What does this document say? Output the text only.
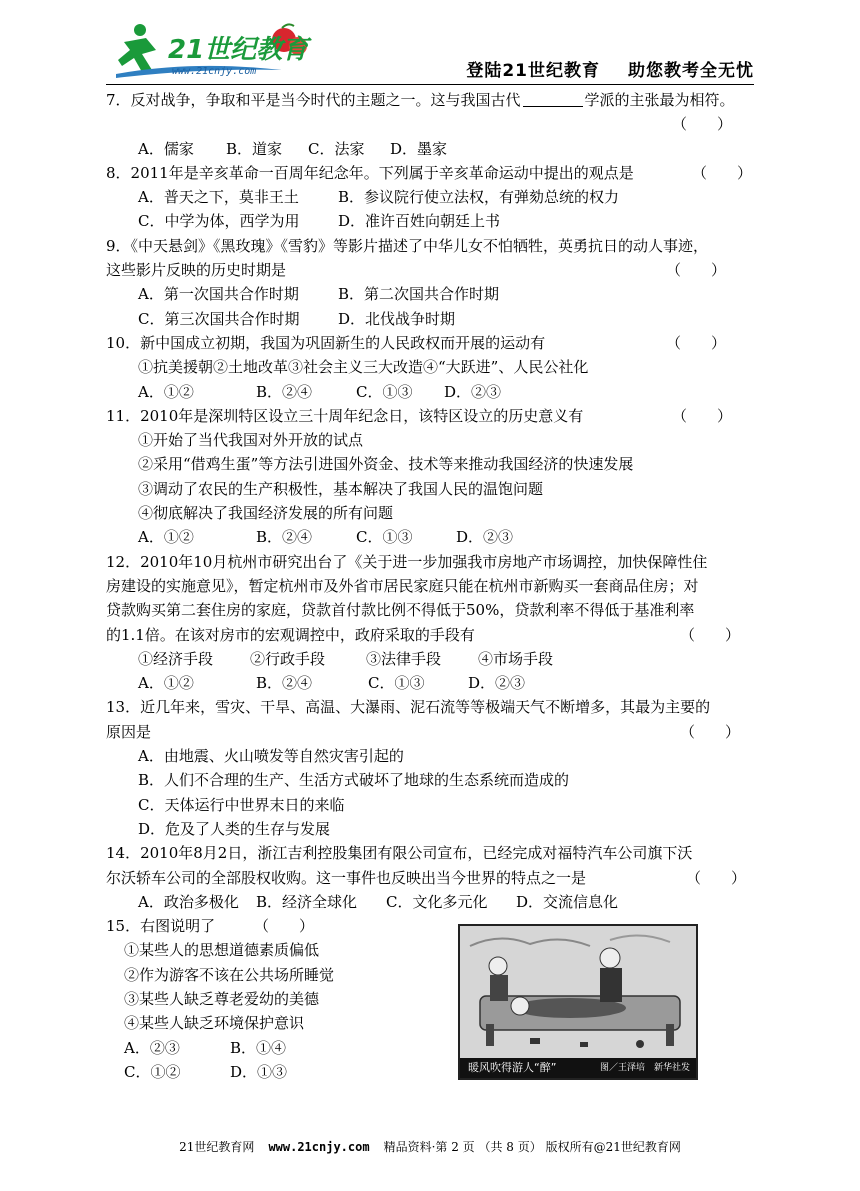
21世纪教育
www.21cnjy.com	登陆21世纪教育 助您教考全无忧
7．反对战争，争取和平是当今时代的主题之一。这与我国古代	学派的主张最为相符。
（　　）
A．儒家 B．道家 C．法家 D．墨家
8．2011年是辛亥革命一百周年纪念年。下列属于辛亥革命运动中提出的观点是	（　　）
A．普天之下，莫非王土	B．参议院行使立法权，有弹劾总统的权力
C．中学为体，西学为用	D．准许百姓向朝廷上书
9．《中天悬剑》《黑玫瑰》《雪豹》等影片描述了中华儿女不怕牺牲，英勇抗日的动人事迹，
这些影片反映的历史时期是	（　　）
A．第一次国共合作时期	B．第二次国共合作时期
C．第三次国共合作时期	D．北伐战争时期
10．新中国成立初期，我国为巩固新生的人民政权而开展的运动有	（　　）
①抗美援朝②土地改革③社会主义三大改造④“大跃进”、人民公社化
A．①②	B．②④	C．①③ D．②③
11．2010年是深圳特区设立三十周年纪念日，该特区设立的历史意义有	（　　）
①开始了当代我国对外开放的试点
②采用“借鸡生蛋”等方法引进国外资金、技术等来推动我国经济的快速发展
③调动了农民的生产积极性，基本解决了我国人民的温饱问题
④彻底解决了我国经济发展的所有问题
A．①②	B．②④	C．①③	D．②③
12．2010年10月杭州市研究出台了《关于进一步加强我市房地产市场调控，加快保障性住
房建设的实施意见》，暂定杭州市及外省市居民家庭只能在杭州市新购买一套商品住房；对
贷款购买第二套住房的家庭，贷款首付款比例不得低于50%，贷款利率不得低于基准利率
的1.1倍。在该对房市的宏观调控中，政府采取的手段有	（　　）
①经济手段 ②行政手段	③法律手段 ④市场手段
A．①②	B．②④	C．①③	D．②③
13．近几年来，雪灾、干旱、高温、大瀑雨、泥石流等等极端天气不断增多，其最为主要的
原因是	（　　）
A．由地震、火山喷发等自然灾害引起的
B．人们不合理的生产、生活方式破坏了地球的生态系统而造成的
C．天体运行中世界末日的来临
D．危及了人类的生存与发展
14．2010年8月2日，浙江吉利控股集团有限公司宣布，已经完成对福特汽车公司旗下沃
尔沃轿车公司的全部股权收购。这一事件也反映出当今世界的特点之一是	（　　）
A．政治多极化 B．经济全球化 C．文化多元化 D．交流信息化
15．右图说明了	（　　）
①某些人的思想道德素质偏低
②作为游客不该在公共场所睡觉
③某些人缺乏尊老爱幼的美德
④某些人缺乏环境保护意识
A．②③	B．①④
C．①②	D．①③	暖风吹得游人“醉”	图／王泽培　新华社发
21世纪教育网 www.21cnjy.com 精品资料·第 2 页 （共 8 页） 版权所有@21世纪教育网
